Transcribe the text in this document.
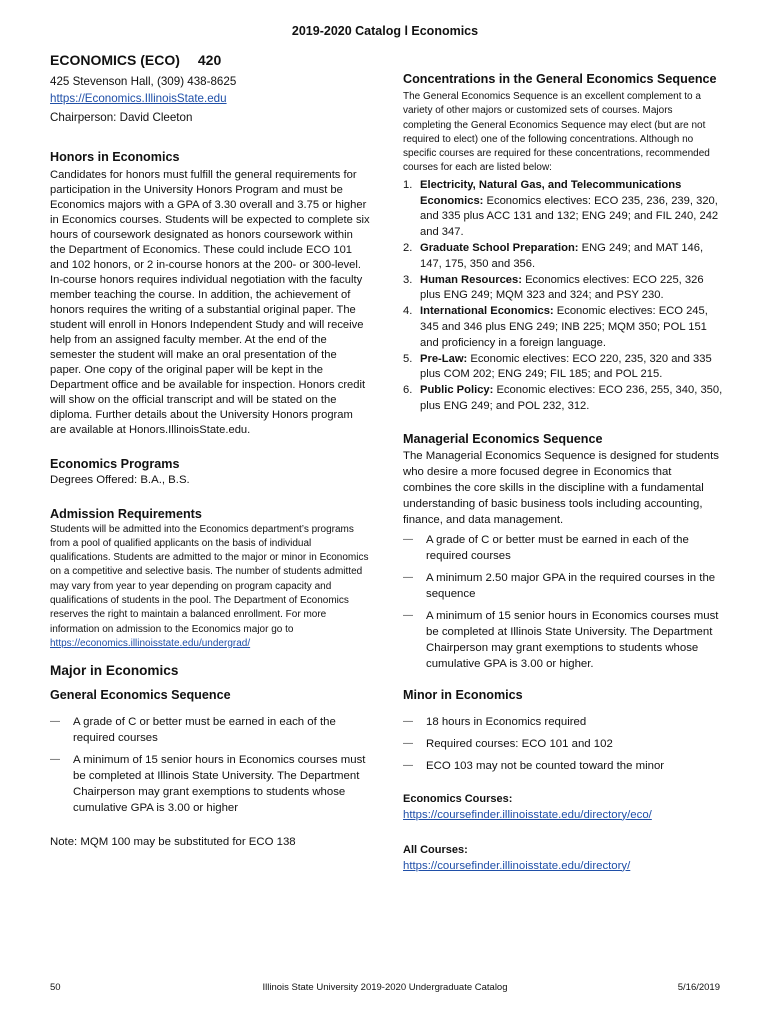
2019-2020 Catalog l Economics
ECONOMICS (ECO) 420

425 Stevenson Hall, (309) 438-8625

https://Economics.IllinoisState.edu

Chairperson: David Cleeton

Honors in Economics

Candidates for honors must fulfill the general requirements for participation in the University Honors Program and must be Economics majors with a GPA of 3.30 overall and 3.75 or higher in Economics courses. Students will be expected to complete six hours of coursework designated as honors coursework within the Department of Economics. These could include ECO 101 and 102 honors, or 2 in-course honors at the 200- or 300-level. In-course honors requires individual negotiation with the faculty member teaching the course. In addition, the achievement of honors requires the writing of a substantial original paper. The student will enroll in Honors Independent Study and will receive help from an assigned faculty member. At the end of the semester the student will make an oral presentation of the paper. One copy of the original paper will be kept in the Department office and be available for inspection. Honors credit will show on the official transcript and will be stated on the diploma. Further details about the University Honors program are available at Honors.IllinoisState.edu.

Economics Programs

Degrees Offered: B.A., B.S.

Admission Requirements

Students will be admitted into the Economics department’s programs from a pool of qualified applicants on the basis of individual qualifications. Students are admitted to the major or minor in Economics on a competitive and selective basis. The number of students admitted may vary from year to year depending on program capacity and qualifications of students in the pool. The Department of Economics reserves the right to maintain a balanced enrollment. For more information on admission to the Economics major go to https://economics.illinoisstate.edu/undergrad/

Major in Economics
General Economics Sequence
— A grade of C or better must be earned in each of the required courses
— A minimum of 15 senior hours in Economics courses must be completed at Illinois State University. The Department Chairperson may grant exemptions to students whose cumulative GPA is 3.00 or higher

Note: MQM 100 may be substituted for ECO 138

Concentrations in the General Economics Sequence

The General Economics Sequence is an excellent complement to a variety of other majors or customized sets of courses. Majors completing the General Economics Sequence may elect (but are not required to elect) one of the following concentrations. Although no specific courses are required for these concentrations, recommended courses for each are listed below:

1. Electricity, Natural Gas, and Telecommunications Economics: Economics electives: ECO 235, 236, 239, 320, and 335 plus ACC 131 and 132; ENG 249; and FIL 240, 242 and 347.
2. Graduate School Preparation: ENG 249; and MAT 146, 147, 175, 350 and 356.
3. Human Resources: Economics electives: ECO 225, 326 plus ENG 249; MQM 323 and 324; and PSY 230.
4. International Economics: Economic electives: ECO 245, 345 and 346 plus ENG 249; INB 225; MQM 350; POL 151 and proficiency in a foreign language.
5. Pre-Law: Economic electives: ECO 220, 235, 320 and 335 plus COM 202; ENG 249; FIL 185; and POL 215.
6. Public Policy: Economic electives: ECO 236, 255, 340, 350, plus ENG 249; and POL 232, 312.
Managerial Economics Sequence

The Managerial Economics Sequence is designed for students who desire a more focused degree in Economics that combines the core skills in the discipline with a fundamental understanding of basic business tools including accounting, finance, and data management.

— A grade of C or better must be earned in each of the required courses
— A minimum 2.50 major GPA in the required courses in the sequence
— A minimum of 15 senior hours in Economics courses must be completed at Illinois State University. The Department Chairperson may grant exemptions to students whose cumulative GPA is 3.00 or higher.
Minor in Economics
— 18 hours in Economics required
— Required courses: ECO 101 and 102
— ECO 103 may not be counted toward the minor

Economics Courses:

https://coursefinder.illinoisstate.edu/directory/eco/

All Courses:

https://coursefinder.illinoisstate.edu/directory/

50	Illinois State University 2019-2020 Undergraduate Catalog	5/16/2019
